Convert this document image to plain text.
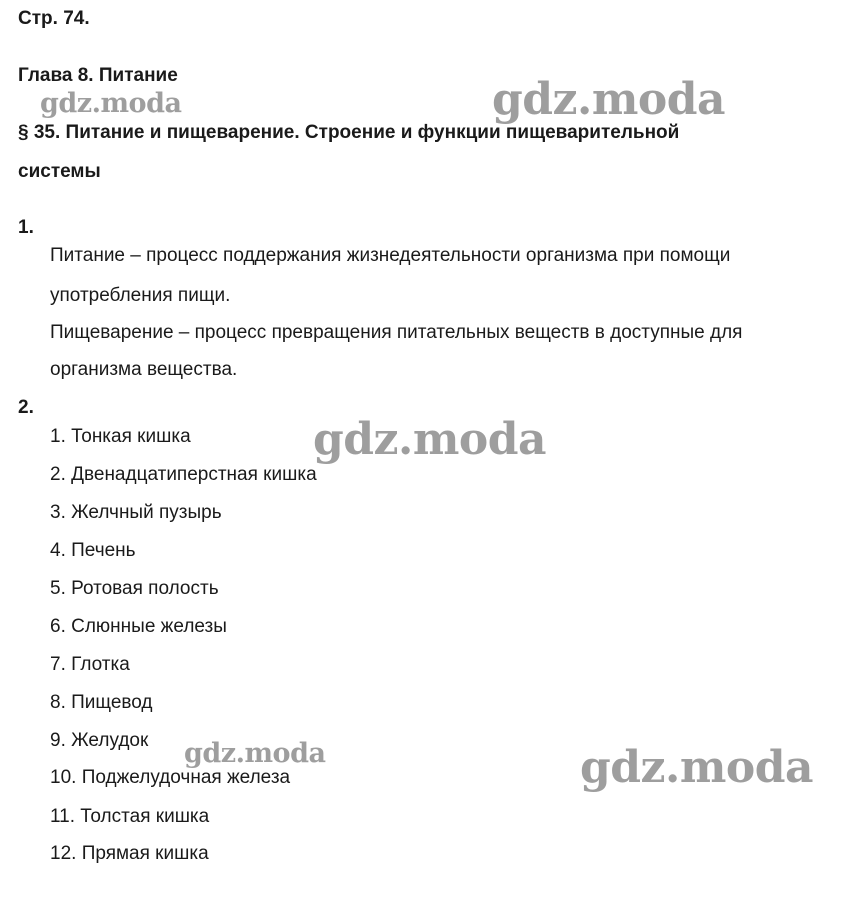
Стр. 74.
Глава 8. Питание
§ 35. Питание и пищеварение. Строение и функции пищеварительной
системы
1.
Питание – процесс поддержания жизнедеятельности организма при помощи
употребления пищи.
Пищеварение – процесс превращения питательных веществ в доступные для
организма вещества.
2.
1. Тонкая кишка
2. Двенадцатиперстная кишка
3. Желчный пузырь
4. Печень
5. Ротовая полость
6. Слюнные железы
7. Глотка
8. Пищевод
9. Желудок
10. Поджелудочная железа
11. Толстая кишка
12. Прямая кишка
gdz.moda	gdz.moda
gdz.moda
gdz.moda	gdz.moda
